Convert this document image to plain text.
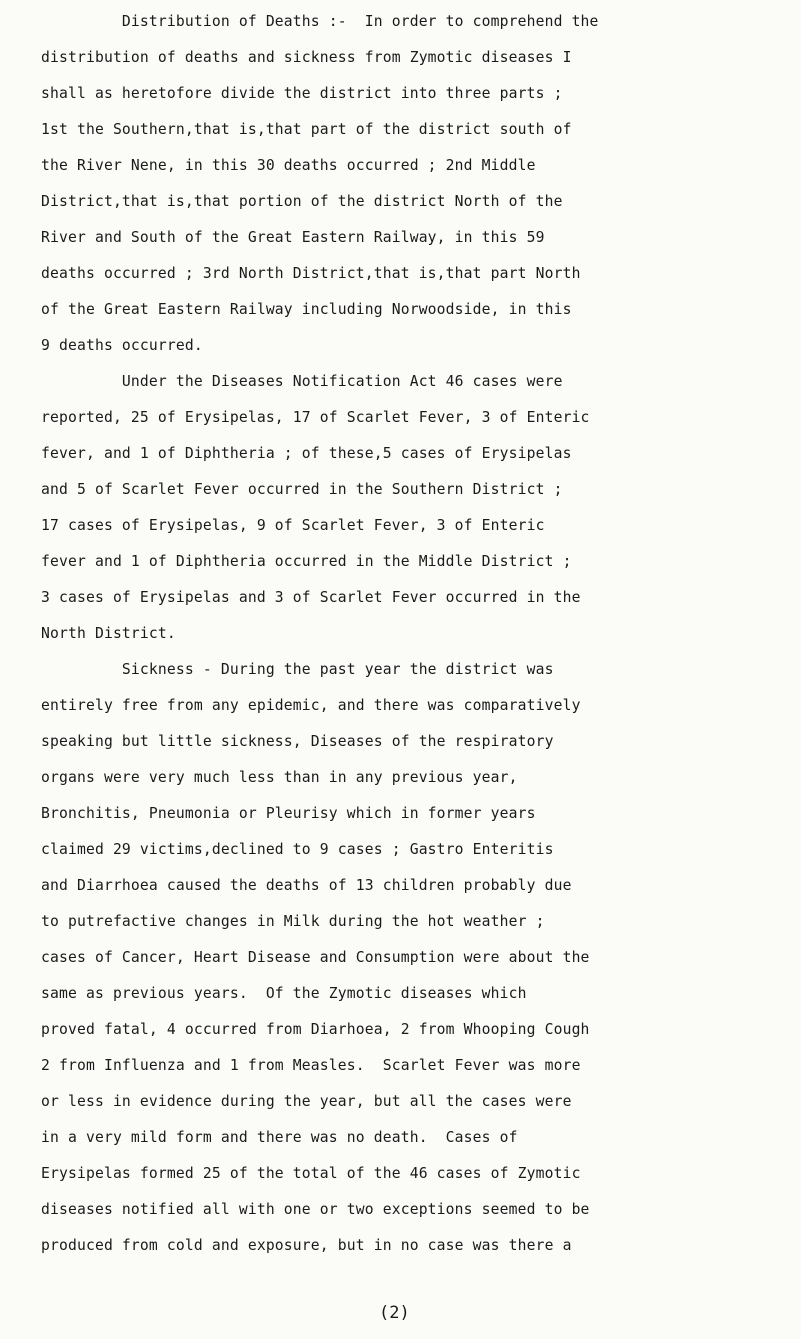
Distribution of Deaths :-  In order to comprehend the
distribution of deaths and sickness from Zymotic diseases I
shall as heretofore divide the district into three parts ;
1st the Southern,that is,that part of the district south of
the River Nene, in this 30 deaths occurred ; 2nd Middle
District,that is,that portion of the district North of the
River and South of the Great Eastern Railway, in this 59
deaths occurred ; 3rd North District,that is,that part North
of the Great Eastern Railway including Norwoodside, in this
9 deaths occurred.
Under the Diseases Notification Act 46 cases were
reported, 25 of Erysipelas, 17 of Scarlet Fever, 3 of Enteric
fever, and 1 of Diphtheria ; of these,5 cases of Erysipelas
and 5 of Scarlet Fever occurred in the Southern District ;
17 cases of Erysipelas, 9 of Scarlet Fever, 3 of Enteric
fever and 1 of Diphtheria occurred in the Middle District ;
3 cases of Erysipelas and 3 of Scarlet Fever occurred in the
North District.
Sickness - During the past year the district was
entirely free from any epidemic, and there was comparatively
speaking but little sickness, Diseases of the respiratory
organs were very much less than in any previous year,
Bronchitis, Pneumonia or Pleurisy which in former years
claimed 29 victims,declined to 9 cases ; Gastro Enteritis
and Diarrhoea caused the deaths of 13 children probably due
to putrefactive changes in Milk during the hot weather ;
cases of Cancer, Heart Disease and Consumption were about the
same as previous years.  Of the Zymotic diseases which
proved fatal, 4 occurred from Diarhoea, 2 from Whooping Cough
2 from Influenza and 1 from Measles.  Scarlet Fever was more
or less in evidence during the year, but all the cases were
in a very mild form and there was no death.  Cases of
Erysipelas formed 25 of the total of the 46 cases of Zymotic
diseases notified all with one or two exceptions seemed to be
produced from cold and exposure, but in no case was there a
(2)
